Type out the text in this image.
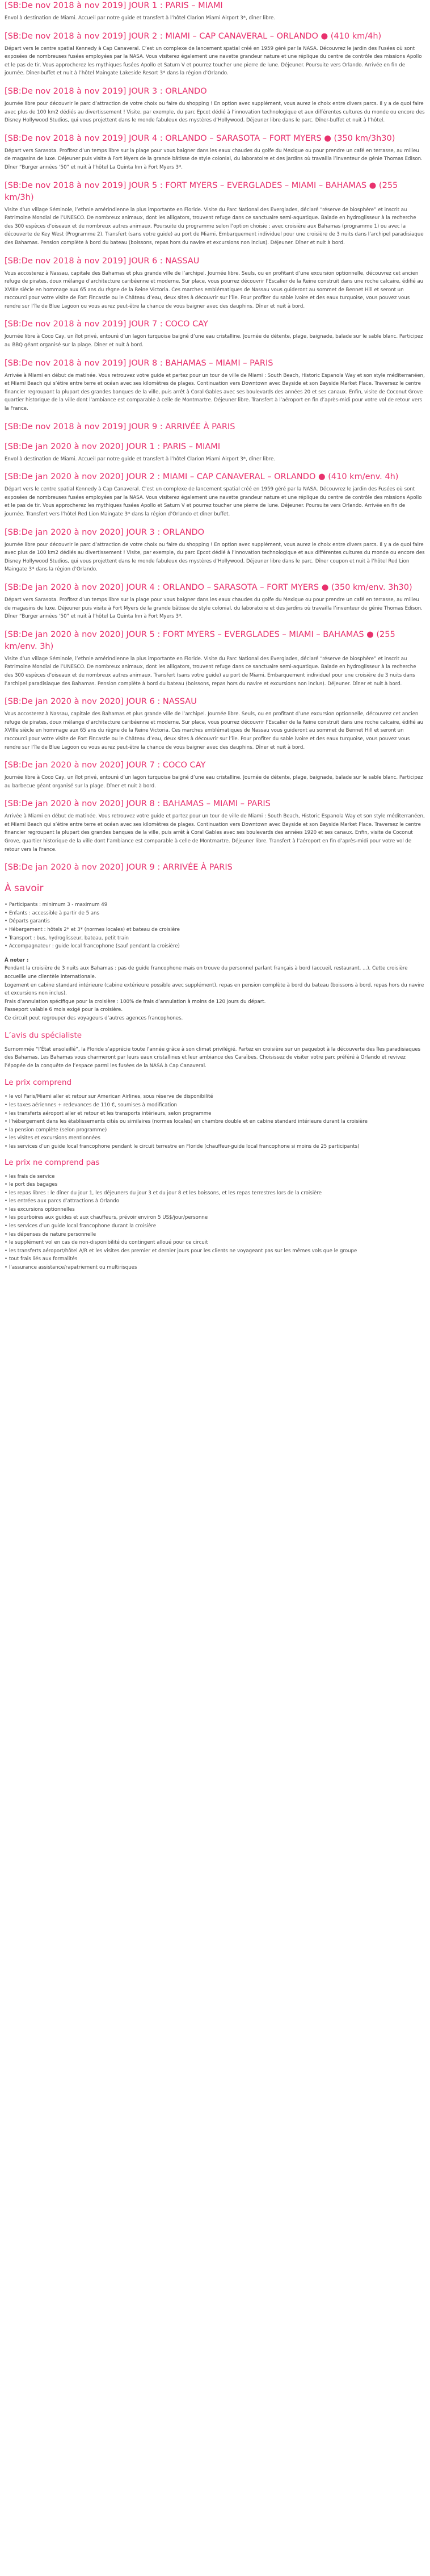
[SB:De nov 2018 à nov 2019] JOUR 1 : PARIS – MIAMI

Envol à destination de Miami. Accueil par notre guide et transfert à l’hôtel Clarion Miami Airport 3*, dîner libre.

[SB:De nov 2018 à nov 2019] JOUR 2 : MIAMI – CAP CANAVERAL – ORLANDO ● (410 km/4h)

Départ vers le centre spatial Kennedy à Cap Canaveral. C’est un complexe de lancement spatial créé en 1959 géré par la NASA. Découvrez le jardin des Fusées où sont exposées de nombreuses fusées employées par la NASA. Vous visiterez également une navette grandeur nature et une réplique du centre de contrôle des missions Apollo et le pas de tir. Vous approcherez les mythiques fusées Apollo et Saturn V et pourrez toucher une pierre de lune. Déjeuner. Poursuite vers Orlando. Arrivée en fin de journée. Dîner-buffet et nuit à l’hôtel Maingate Lakeside Resort 3* dans la région d’Orlando.

[SB:De nov 2018 à nov 2019] JOUR 3 : ORLANDO

Journée libre pour découvrir le parc d’attraction de votre choix ou faire du shopping ! En option avec supplément, vous aurez le choix entre divers parcs. Il y a de quoi faire avec plus de 100 km2 dédiés au divertissement ! Visite, par exemple, du parc Epcot dédié à l’innovation technologique et aux différentes cultures du monde ou encore des Disney Hollywood Studios, qui vous projettent dans le monde fabuleux des mystères d’Hollywood. Déjeuner libre dans le parc. Dîner-buffet et nuit à l’hôtel.

[SB:De nov 2018 à nov 2019] JOUR 4 : ORLANDO – SARASOTA – FORT MYERS ● (350 km/3h30)

Départ vers Sarasota. Profitez d’un temps libre sur la plage pour vous baigner dans les eaux chaudes du golfe du Mexique ou pour prendre un café en terrasse, au milieu de magasins de luxe. Déjeuner puis visite à Fort Myers de la grande bâtisse de style colonial, du laboratoire et des jardins où travailla l’inventeur de génie Thomas Edison. Dîner “Burger années ‘50” et nuit à l’hôtel La Quinta Inn à Fort Myers 3*.

[SB:De nov 2018 à nov 2019] JOUR 5 : FORT MYERS – EVERGLADES – MIAMI – BAHAMAS ● (255 km/3h)

Visite d’un village Séminole, l’ethnie amérindienne la plus importante en Floride. Visite du Parc National des Everglades, déclaré “réserve de biosphère” et inscrit au Patrimoine Mondial de l’UNESCO. De nombreux animaux, dont les alligators, trouvent refuge dans ce sanctuaire semi-aquatique. Balade en hydroglisseur à la recherche des 300 espèces d’oiseaux et de nombreux autres animaux. Poursuite du programme selon l’option choisie ; avec croisière aux Bahamas (programme 1) ou avec la découverte de Key West (Programme 2). Transfert (sans votre guide) au port de Miami. Embarquement individuel pour une croisière de 3 nuits dans l’archipel paradisiaque des Bahamas. Pension complète à bord du bateau (boissons, repas hors du navire et excursions non inclus). Déjeuner. Dîner et nuit à bord.

[SB:De nov 2018 à nov 2019] JOUR 6 : NASSAU

Vous accosterez à Nassau, capitale des Bahamas et plus grande ville de l’archipel. Journée libre. Seuls, ou en profitant d’une excursion optionnelle, découvrez cet ancien refuge de pirates, doux mélange d’architecture caribéenne et moderne. Sur place, vous pourrez découvrir l’Escalier de la Reine construit dans une roche calcaire, édifié au XVIIIe siècle en hommage aux 65 ans du règne de la Reine Victoria. Ces marches emblématiques de Nassau vous guideront au sommet de Bennet Hill et seront un raccourci pour votre visite de Fort Fincastle ou le Château d’eau, deux sites à découvrir sur l’île. Pour profiter du sable ivoire et des eaux turquoise, vous pouvez vous rendre sur l’île de Blue Lagoon ou vous aurez peut-être la chance de vous baigner avec des dauphins. Dîner et nuit à bord.

[SB:De nov 2018 à nov 2019] JOUR 7 : COCO CAY

Journée libre à Coco Cay, un îlot privé, entouré d’un lagon turquoise baigné d’une eau cristalline. Journée de détente, plage, baignade, balade sur le sable blanc. Participez au BBQ géant organisé sur la plage. Dîner et nuit à bord.

[SB:De nov 2018 à nov 2019] JOUR 8 : BAHAMAS – MIAMI – PARIS

Arrivée à Miami en début de matinée. Vous retrouvez votre guide et partez pour un tour de ville de Miami : South Beach, Historic Espanola Way et son style méditerranéen, et Miami Beach qui s’étire entre terre et océan avec ses kilomètres de plages. Continuation vers Downtown avec Bayside et son Bayside Market Place. Traversez le centre financier regroupant la plupart des grandes banques de la ville, puis arrêt à Coral Gables avec ses boulevards des années 20 et ses canaux. Enfin, visite de Coconut Grove quartier historique de la ville dont l’ambiance est comparable à celle de Montmartre. Déjeuner libre. Transfert à l’aéroport en fin d’après-midi pour votre vol de retour vers la France.

[SB:De nov 2018 à nov 2019] JOUR 9 : ARRIVÉE À PARIS

[SB:De jan 2020 à nov 2020] JOUR 1 : PARIS – MIAMI

Envol à destination de Miami. Accueil par notre guide et transfert à l’hôtel Clarion Miami Airport 3*, dîner libre.

[SB:De jan 2020 à nov 2020] JOUR 2 : MIAMI – CAP CANAVERAL – ORLANDO ● (410 km/env. 4h)

Départ vers le centre spatial Kennedy à Cap Canaveral. C’est un complexe de lancement spatial créé en 1959 géré par la NASA. Découvrez le jardin des Fusées où sont exposées de nombreuses fusées employées par la NASA. Vous visiterez également une navette grandeur nature et une réplique du centre de contrôle des missions Apollo et le pas de tir. Vous approcherez les mythiques fusées Apollo et Saturn V et pourrez toucher une pierre de lune. Déjeuner. Poursuite vers Orlando. Arrivée en fin de journée. Transfert vers l’hôtel Red Lion Maingate 3* dans la région d’Orlando et dîner buffet.

[SB:De jan 2020 à nov 2020] JOUR 3 : ORLANDO

Journée libre pour découvrir le parc d’attraction de votre choix ou faire du shopping ! En option avec supplément, vous aurez le choix entre divers parcs. Il y a de quoi faire avec plus de 100 km2 dédiés au divertissement ! Visite, par exemple, du parc Epcot dédié à l’innovation technologique et aux différentes cultures du monde ou encore des Disney Hollywood Studios, qui vous projettent dans le monde fabuleux des mystères d’Hollywood. Déjeuner libre dans le parc. Dîner coupon et nuit à l’hôtel Red Lion Maingate 3* dans la région d’Orlando.

[SB:De jan 2020 à nov 2020] JOUR 4 : ORLANDO – SARASOTA – FORT MYERS ● (350 km/env. 3h30)

Départ vers Sarasota. Profitez d’un temps libre sur la plage pour vous baigner dans les eaux chaudes du golfe du Mexique ou pour prendre un café en terrasse, au milieu de magasins de luxe. Déjeuner puis visite à Fort Myers de la grande bâtisse de style colonial, du laboratoire et des jardins où travailla l’inventeur de génie Thomas Edison. Dîner “Burger années ‘50” et nuit à l’hôtel La Quinta Inn à Fort Myers 3*.

[SB:De jan 2020 à nov 2020] JOUR 5 : FORT MYERS – EVERGLADES – MIAMI – BAHAMAS ● (255 km/env. 3h)

Visite d’un village Séminole, l’ethnie amérindienne la plus importante en Floride. Visite du Parc National des Everglades, déclaré “réserve de biosphère” et inscrit au Patrimoine Mondial de l’UNESCO. De nombreux animaux, dont les alligators, trouvent refuge dans ce sanctuaire semi-aquatique. Balade en hydroglisseur à la recherche des 300 espèces d’oiseaux et de nombreux autres animaux. Transfert (sans votre guide) au port de Miami. Embarquement individuel pour une croisière de 3 nuits dans l’archipel paradisiaque des Bahamas. Pension complète à bord du bateau (boissons, repas hors du navire et excursions non inclus). Déjeuner. Dîner et nuit à bord.

[SB:De jan 2020 à nov 2020] JOUR 6 : NASSAU

Vous accosterez à Nassau, capitale des Bahamas et plus grande ville de l’archipel. Journée libre. Seuls, ou en profitant d’une excursion optionnelle, découvrez cet ancien refuge de pirates, doux mélange d’architecture caribéenne et moderne. Sur place, vous pourrez découvrir l’Escalier de la Reine construit dans une roche calcaire, édifié au XVIIIe siècle en hommage aux 65 ans du règne de la Reine Victoria. Ces marches emblématiques de Nassau vous guideront au sommet de Bennet Hill et seront un raccourci pour votre visite de Fort Fincastle ou le Château d’eau, deux sites à découvrir sur l’île. Pour profiter du sable ivoire et des eaux turquoise, vous pouvez vous rendre sur l’île de Blue Lagoon ou vous aurez peut-être la chance de vous baigner avec des dauphins. Dîner et nuit à bord.

[SB:De jan 2020 à nov 2020] JOUR 7 : COCO CAY

Journée libre à Coco Cay, un îlot privé, entouré d’un lagon turquoise baigné d’une eau cristalline. Journée de détente, plage, baignade, balade sur le sable blanc. Participez au barbecue géant organisé sur la plage. Dîner et nuit à bord.

[SB:De jan 2020 à nov 2020] JOUR 8 : BAHAMAS – MIAMI – PARIS

Arrivée à Miami en début de matinée. Vous retrouvez votre guide et partez pour un tour de ville de Miami : South Beach, Historic Espanola Way et son style méditerranéen, et Miami Beach qui s’étire entre terre et océan avec ses kilomètres de plages. Continuation vers Downtown avec Bayside et son Bayside Market Place. Traversez le centre financier regroupant la plupart des grandes banques de la ville, puis arrêt à Coral Gables avec ses boulevards des années 1920 et ses canaux. Enfin, visite de Coconut Grove, quartier historique de la ville dont l’ambiance est comparable à celle de Montmartre. Déjeuner libre. Transfert à l’aéroport en fin d’après-midi pour votre vol de retour vers la France.

[SB:De jan 2020 à nov 2020] JOUR 9 : ARRIVÉE À PARIS

À savoir
• Participants : minimum 3 - maximum 49
• Enfants : accessible à partir de 5 ans
• Départs garantis
• Hébergement : hôtels 2* et 3* (normes locales) et bateau de croisière
• Transport : bus, hydroglisseur, bateau, petit train
• Accompagnateur : guide local francophone (sauf pendant la croisière)
À noter :

Pendant la croisière de 3 nuits aux Bahamas : pas de guide francophone mais on trouve du personnel parlant français à bord (accueil, restaurant, ...). Cette croisière accueille une clientèle internationale.

Logement en cabine standard intérieure (cabine extérieure possible avec supplément), repas en pension complète à bord du bateau (boissons à bord, repas hors du navire et excursions non inclus).

Frais d’annulation spécifique pour la croisière : 100% de frais d’annulation à moins de 120 jours du départ.

Passeport valable 6 mois exigé pour la croisière.

Ce circuit peut regrouper des voyageurs d’autres agences francophones.

L’avis du spécialiste

Surnommée “l’État ensoleillé”, la Floride s’apprécie toute l’année grâce à son climat privilégié. Partez en croisière sur un paquebot à la découverte des îles paradisiaques des Bahamas. Les Bahamas vous charmeront par leurs eaux cristallines et leur ambiance des Caraïbes. Choisissez de visiter votre parc préféré à Orlando et revivez l’épopée de la conquête de l’espace parmi les fusées de la NASA à Cap Canaveral.

Le prix comprend
• le vol Paris/Miami aller et retour sur American Airlines, sous réserve de disponibilité
• les taxes aériennes + redevances de 110 €, soumises à modification
• les transferts aéroport aller et retour et les transports intérieurs, selon programme
• l’hébergement dans les établissements cités ou similaires (normes locales) en chambre double et en cabine standard intérieure durant la croisière
• la pension complète (selon programme)
• les visites et excursions mentionnées
• les services d’un guide local francophone pendant le circuit terrestre en Floride (chauffeur-guide local francophone si moins de 25 participants)
Le prix ne comprend pas
• les frais de service
• le port des bagages
• les repas libres : le dîner du jour 1, les déjeuners du jour 3 et du jour 8 et les boissons, et les repas terrestres lors de la croisière
• les entrées aux parcs d’attractions à Orlando
• les excursions optionnelles
• les pourboires aux guides et aux chauffeurs, prévoir environ 5 US$/jour/personne
• les services d’un guide local francophone durant la croisière
• les dépenses de nature personnelle
• le supplément vol en cas de non-disponibilité du contingent alloué pour ce circuit
• les transferts aéroport/hôtel A/R et les visites des premier et dernier jours pour les clients ne voyageant pas sur les mêmes vols que le groupe
• tout frais liés aux formalités
• l’assurance assistance/rapatriement ou multirisques
